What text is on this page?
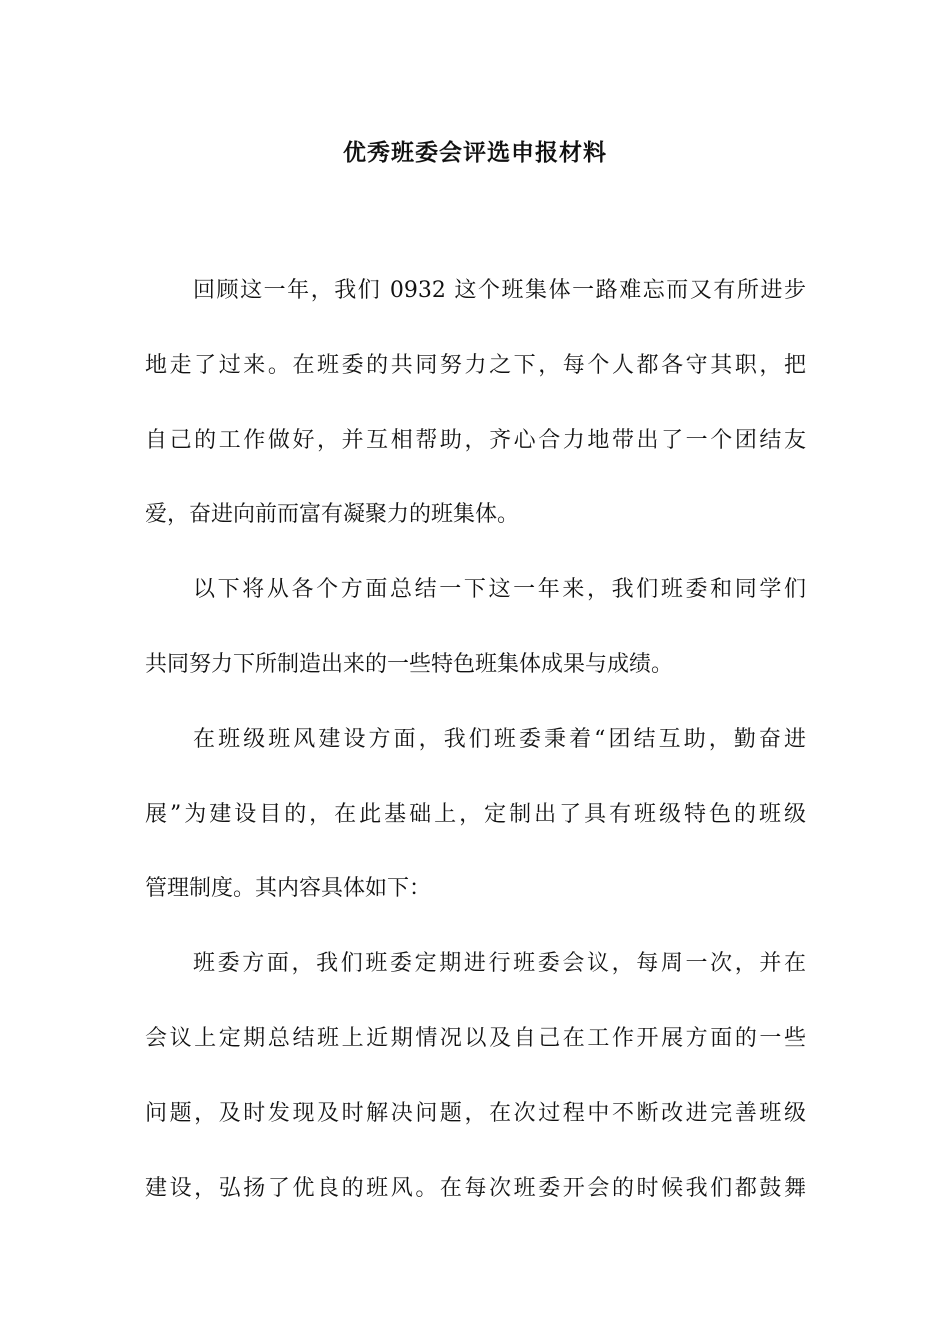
优秀班委会评选申报材料
回顾这一年，我们 0932 这个班集体一路难忘而又有所进步
地走了过来。在班委的共同努力之下，每个人都各守其职，把
自己的工作做好，并互相帮助，齐心合力地带出了一个团结友
爱，奋进向前而富有凝聚力的班集体。
以下将从各个方面总结一下这一年来，我们班委和同学们
共同努力下所制造出来的一些特色班集体成果与成绩。
在班级班风建设方面，我们班委秉着“团结互助，勤奋进
展”为建设目的，在此基础上，定制出了具有班级特色的班级
管理制度。其内容具体如下：
班委方面，我们班委定期进行班委会议，每周一次，并在
会议上定期总结班上近期情况以及自己在工作开展方面的一些
问题，及时发现及时解决问题，在次过程中不断改进完善班级
建设，弘扬了优良的班风。在每次班委开会的时候我们都鼓舞
